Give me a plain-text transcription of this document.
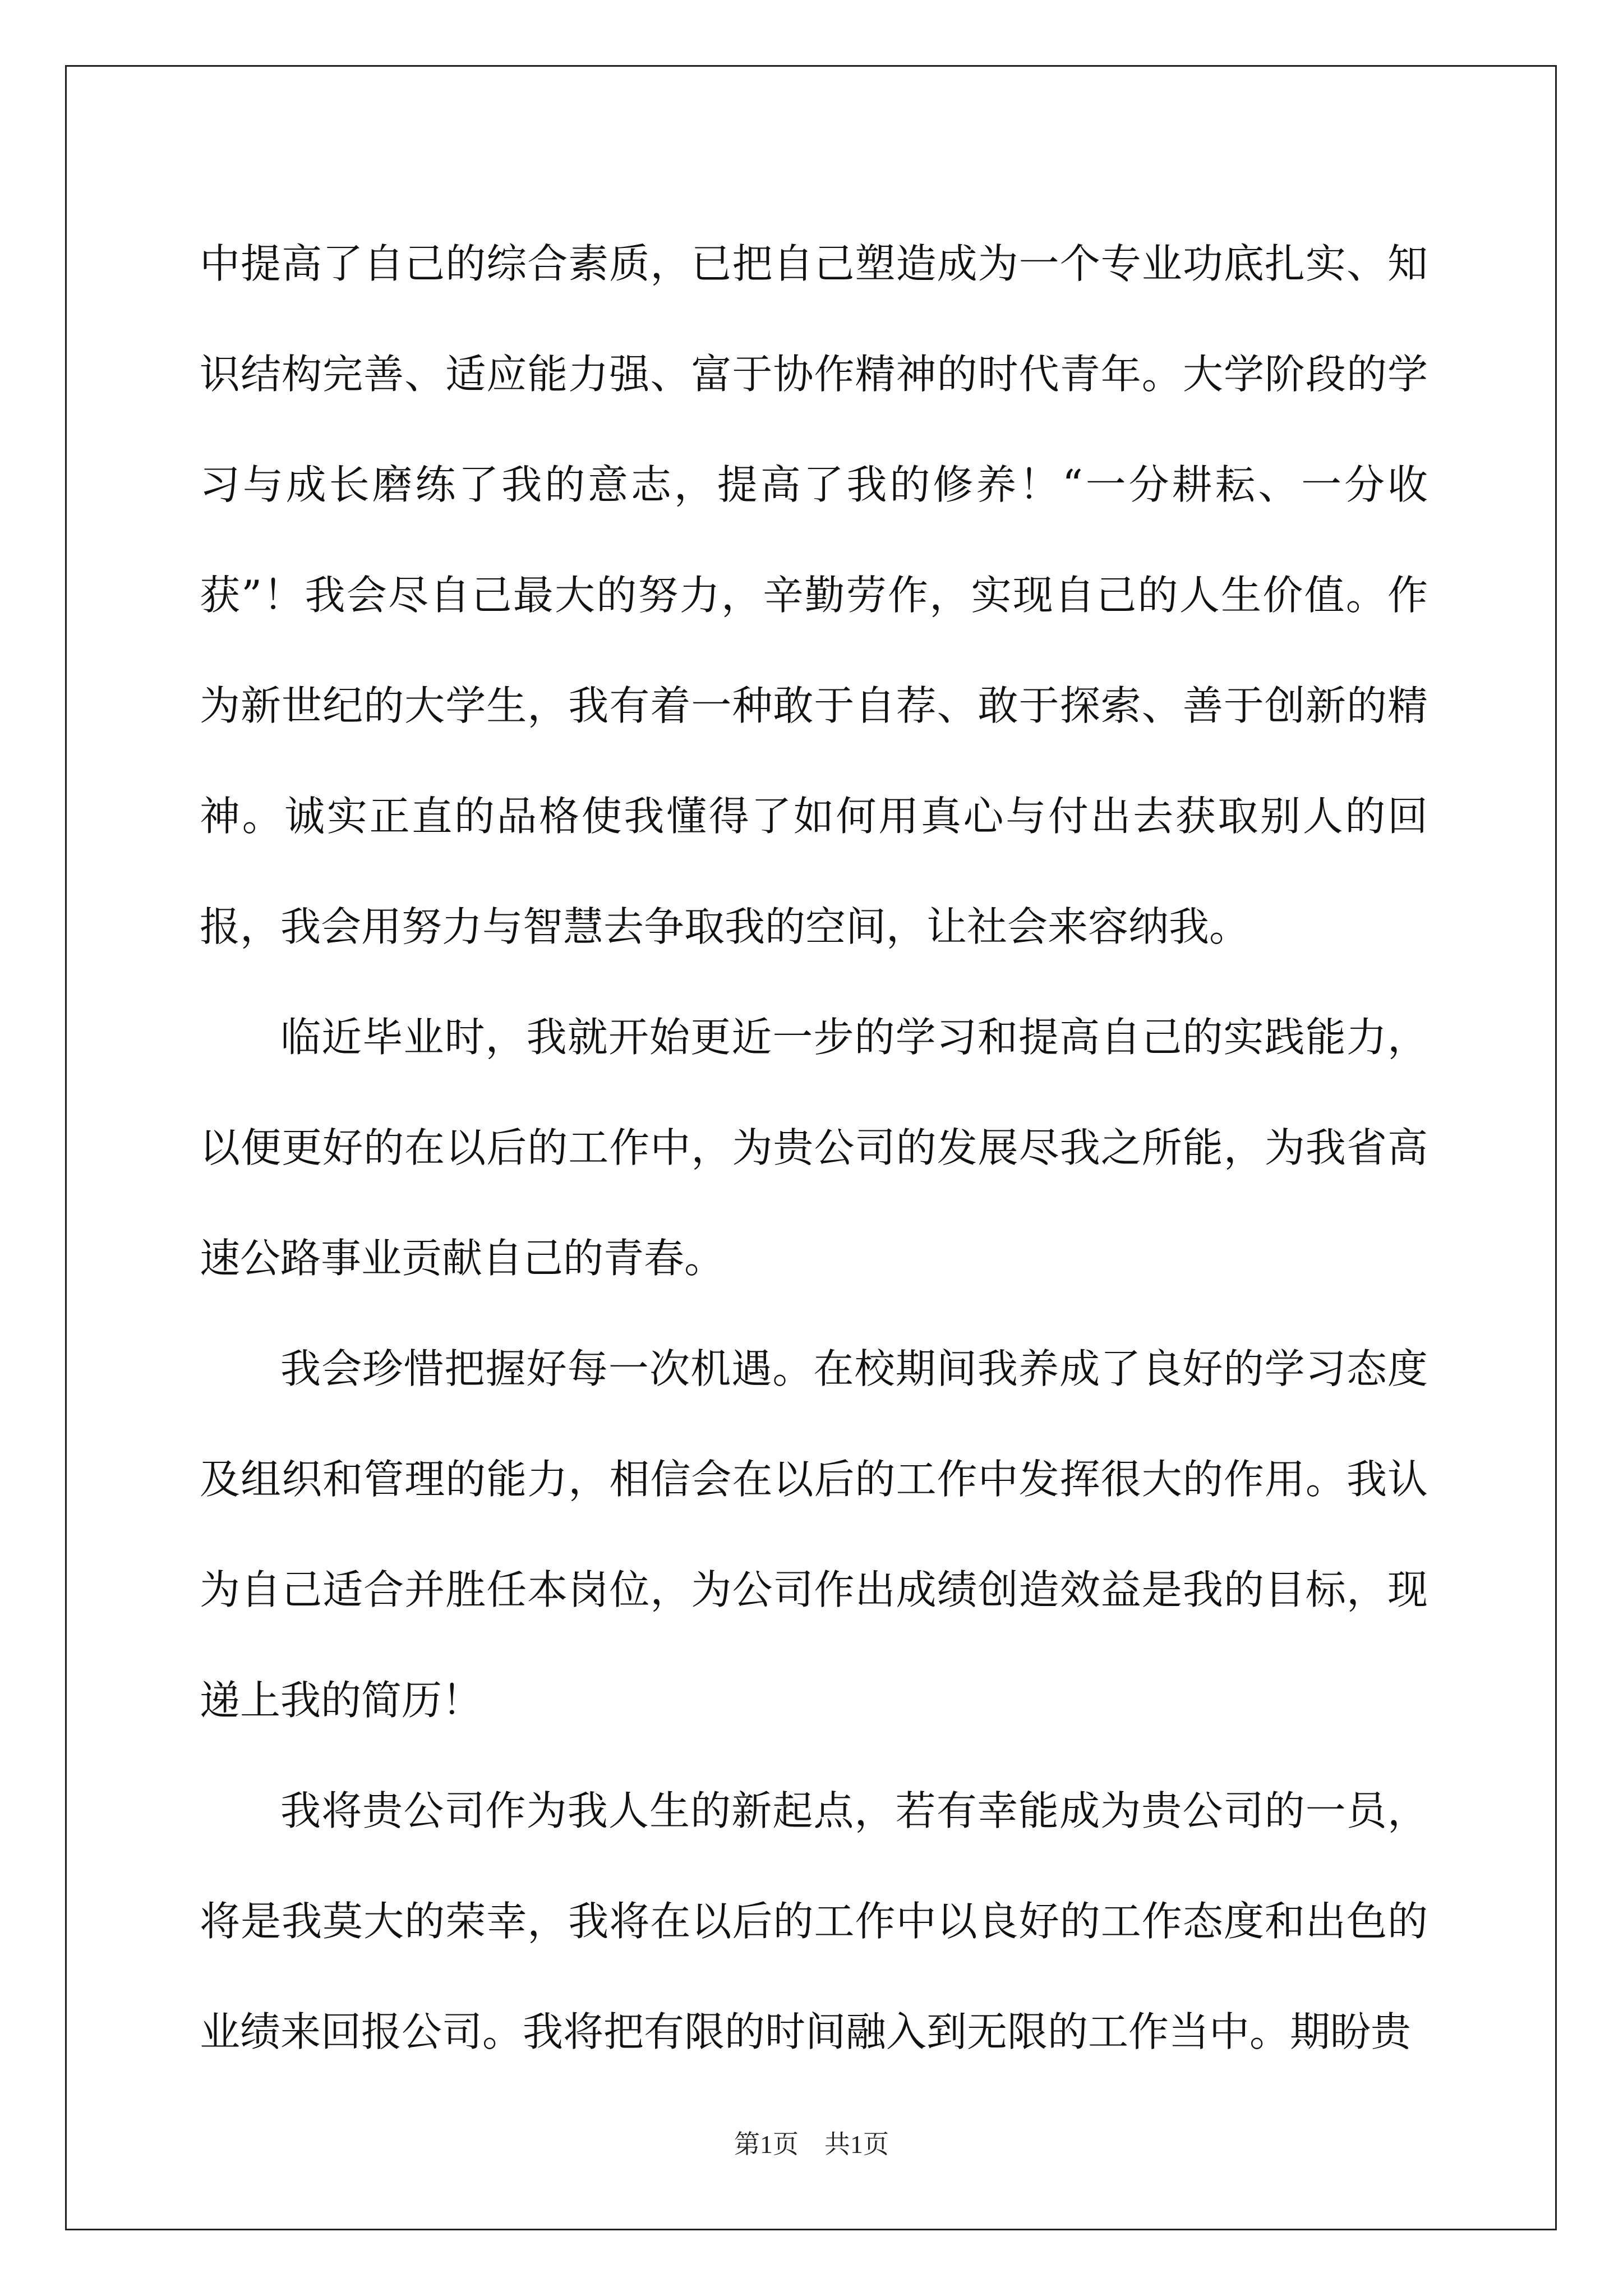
中提高了自己的综合素质，已把自己塑造成为一个专业功底扎实、知识结构完善、适应能力强、富于协作精神的时代青年。大学阶段的学习与成长磨练了我的意志，提高了我的修养！“一分耕耘、一分收获”！我会尽自己最大的努力，辛勤劳作，实现自己的人生价值。作为新世纪的大学生，我有着一种敢于自荐、敢于探索、善于创新的精神。诚实正直的品格使我懂得了如何用真心与付出去获取别人的回报，我会用努力与智慧去争取我的空间，让社会来容纳我。

临近毕业时，我就开始更近一步的学习和提高自己的实践能力，以便更好的在以后的工作中，为贵公司的发展尽我之所能，为我省高速公路事业贡献自己的青春。

我会珍惜把握好每一次机遇。在校期间我养成了良好的学习态度及组织和管理的能力，相信会在以后的工作中发挥很大的作用。我认为自己适合并胜任本岗位，为公司作出成绩创造效益是我的目标，现递上我的简历！

我将贵公司作为我人生的新起点，若有幸能成为贵公司的一员，将是我莫大的荣幸，我将在以后的工作中以良好的工作态度和出色的业绩来回报公司。我将把有限的时间融入到无限的工作当中。期盼贵

第1页　共1页
